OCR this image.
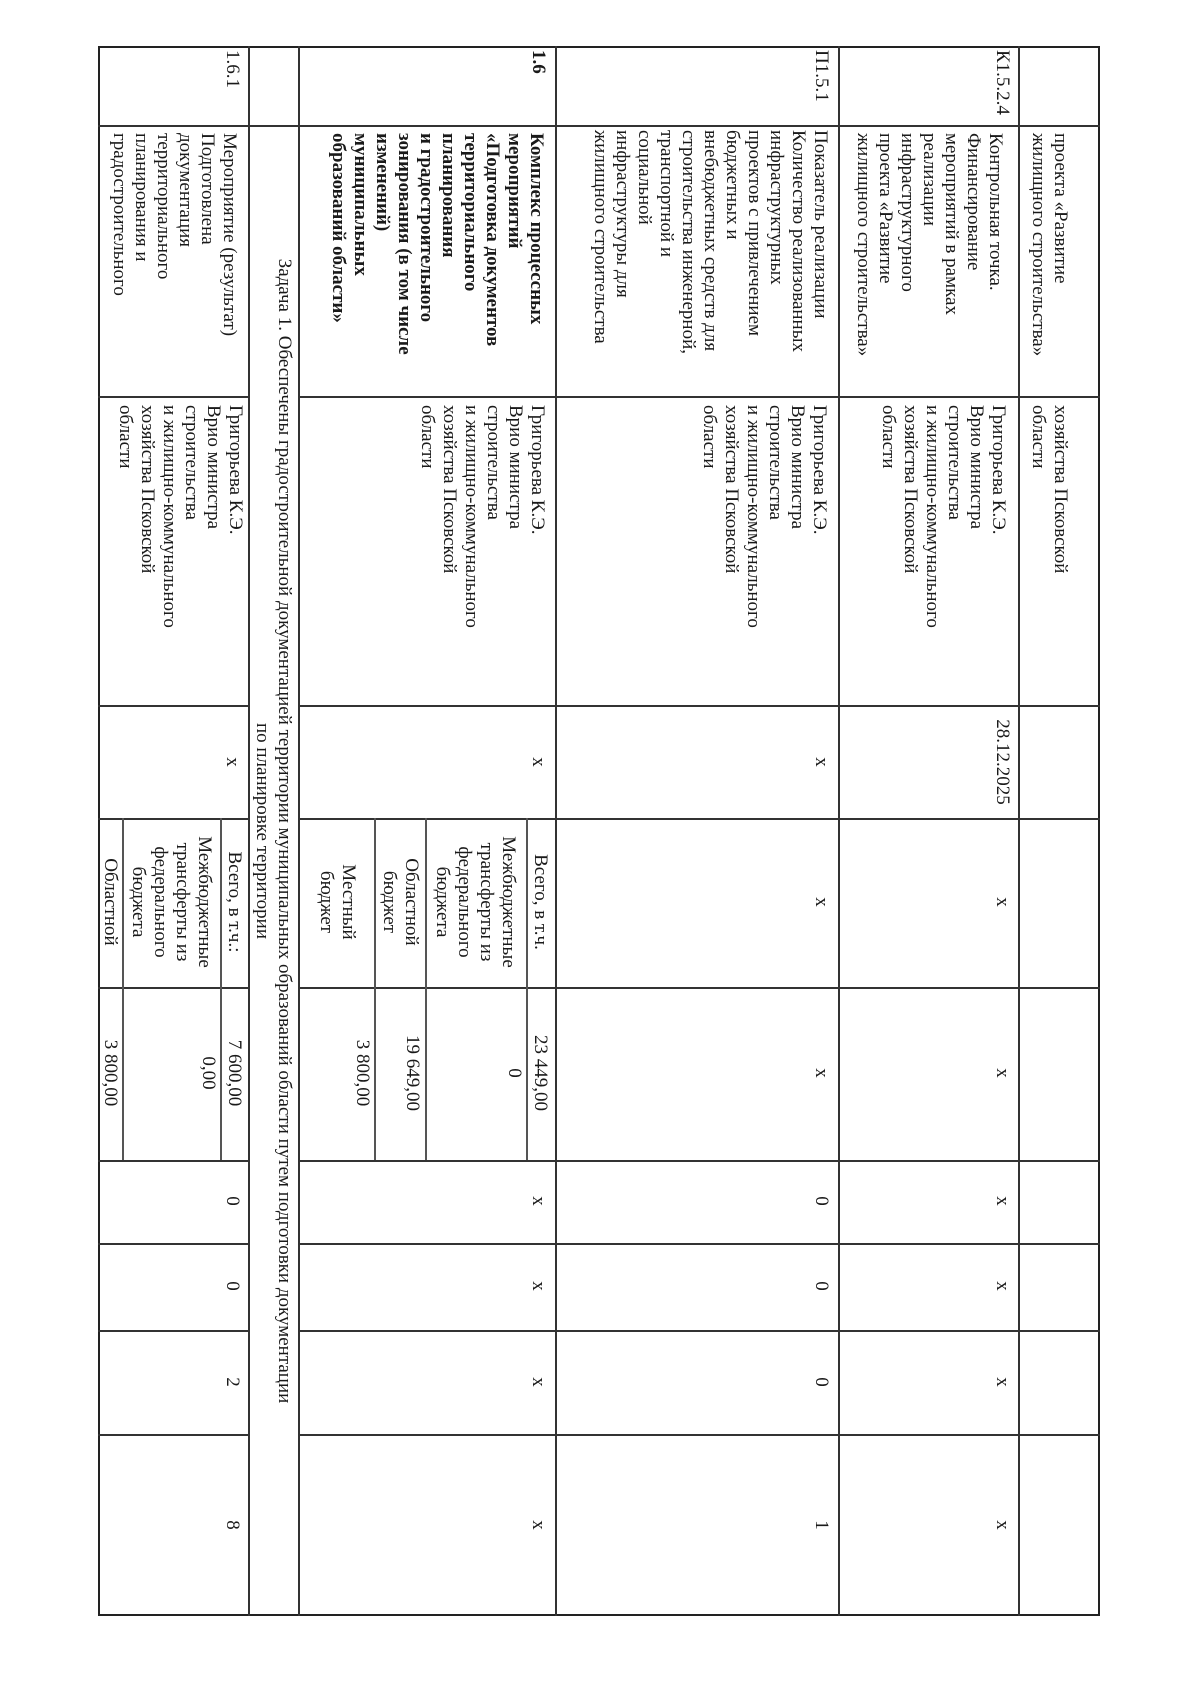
проекта «Развитие
жилищного строительства»
хозяйства Псковской
области
К1.5.2.4
Контрольная точка.
Финансирование
мероприятий в рамках
реализации
инфраструктурного
проекта «Развитие
жилищного строительства»
Григорьева К.Э.
Врио министра
строительства
и жилищно-коммунального
хозяйства Псковской
области
28.12.2025
х
х
х
х
х
х
П1.5.1
Показатель реализации
Количество реализованных
инфраструктурных
проектов с привлечением
бюджетных и
внебюджетных средств для
строительства инженерной,
транспортной и
социальной
инфраструктуры для
жилищного строительства
Григорьева К.Э.
Врио министра
строительства
и жилищно-коммунального
хозяйства Псковской
области
х
х
х
0
0
0
1
1.6
Комплекс процессных
мероприятий
«Подготовка документов
территориального
планирования
и градостроительного
зонирования (в том числе
изменений)
муниципальных
образований области»
Григорьева К.Э.
Врио министра
строительства
и жилищно-коммунального
хозяйства Псковской
области
х
Всего, в т.ч.
Межбюджетные
трансферты из
федерального
бюджета
Областной
бюджет
Местный
бюджет
23 449,00
0
19 649,00
3 800,00
х
х
х
х
Задача 1. Обеспечены градостроительной документацией территории муниципальных образований области путем подготовки документации
по планировке территории
1.6.1
Мероприятие (результат)
Подготовлена
документация
территориального
планирования и
градостроительного
Григорьева К.Э.
Врио министра
строительства
и жилищно-коммунального
хозяйства Псковской
области
х
Всего, в т.ч.:
Межбюджетные
трансферты из
федерального
бюджета
Областной
7 600,00
0,00
3 800,00
0
0
2
8
